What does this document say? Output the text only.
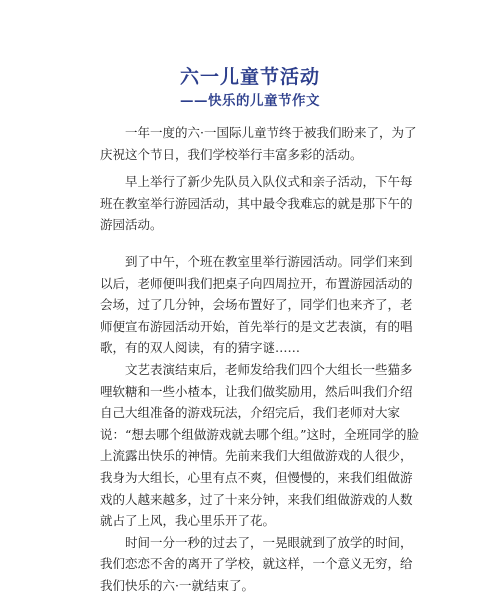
六一儿童节活动
——快乐的儿童节作文

一年一度的六·一国际儿童节终于被我们盼来了，为了庆祝这个节日，我们学校举行丰富多彩的活动。

早上举行了新少先队员入队仪式和亲子活动，下午每班在教室举行游园活动，其中最令我难忘的就是那下午的游园活动。

到了中午，个班在教室里举行游园活动。同学们来到以后，老师便叫我们把桌子向四周拉开，布置游园活动的会场，过了几分钟，会场布置好了，同学们也来齐了，老师便宣布游园活动开始，首先举行的是文艺表演，有的唱歌，有的双人阅读，有的猜字谜……

文艺表演结束后，老师发给我们四个大组长一些猫多哩软糖和一些小楂本，让我们做奖励用，然后叫我们介绍自己大组准备的游戏玩法，介绍完后，我们老师对大家说：“想去哪个组做游戏就去哪个组。”这时，全班同学的脸上流露出快乐的神情。先前来我们大组做游戏的人很少，我身为大组长，心里有点不爽，但慢慢的，来我们组做游戏的人越来越多，过了十来分钟，来我们组做游戏的人数就占了上风，我心里乐开了花。

时间一分一秒的过去了，一晃眼就到了放学的时间，我们恋恋不舍的离开了学校，就这样，一个意义无穷，给我们快乐的六·一就结束了。
